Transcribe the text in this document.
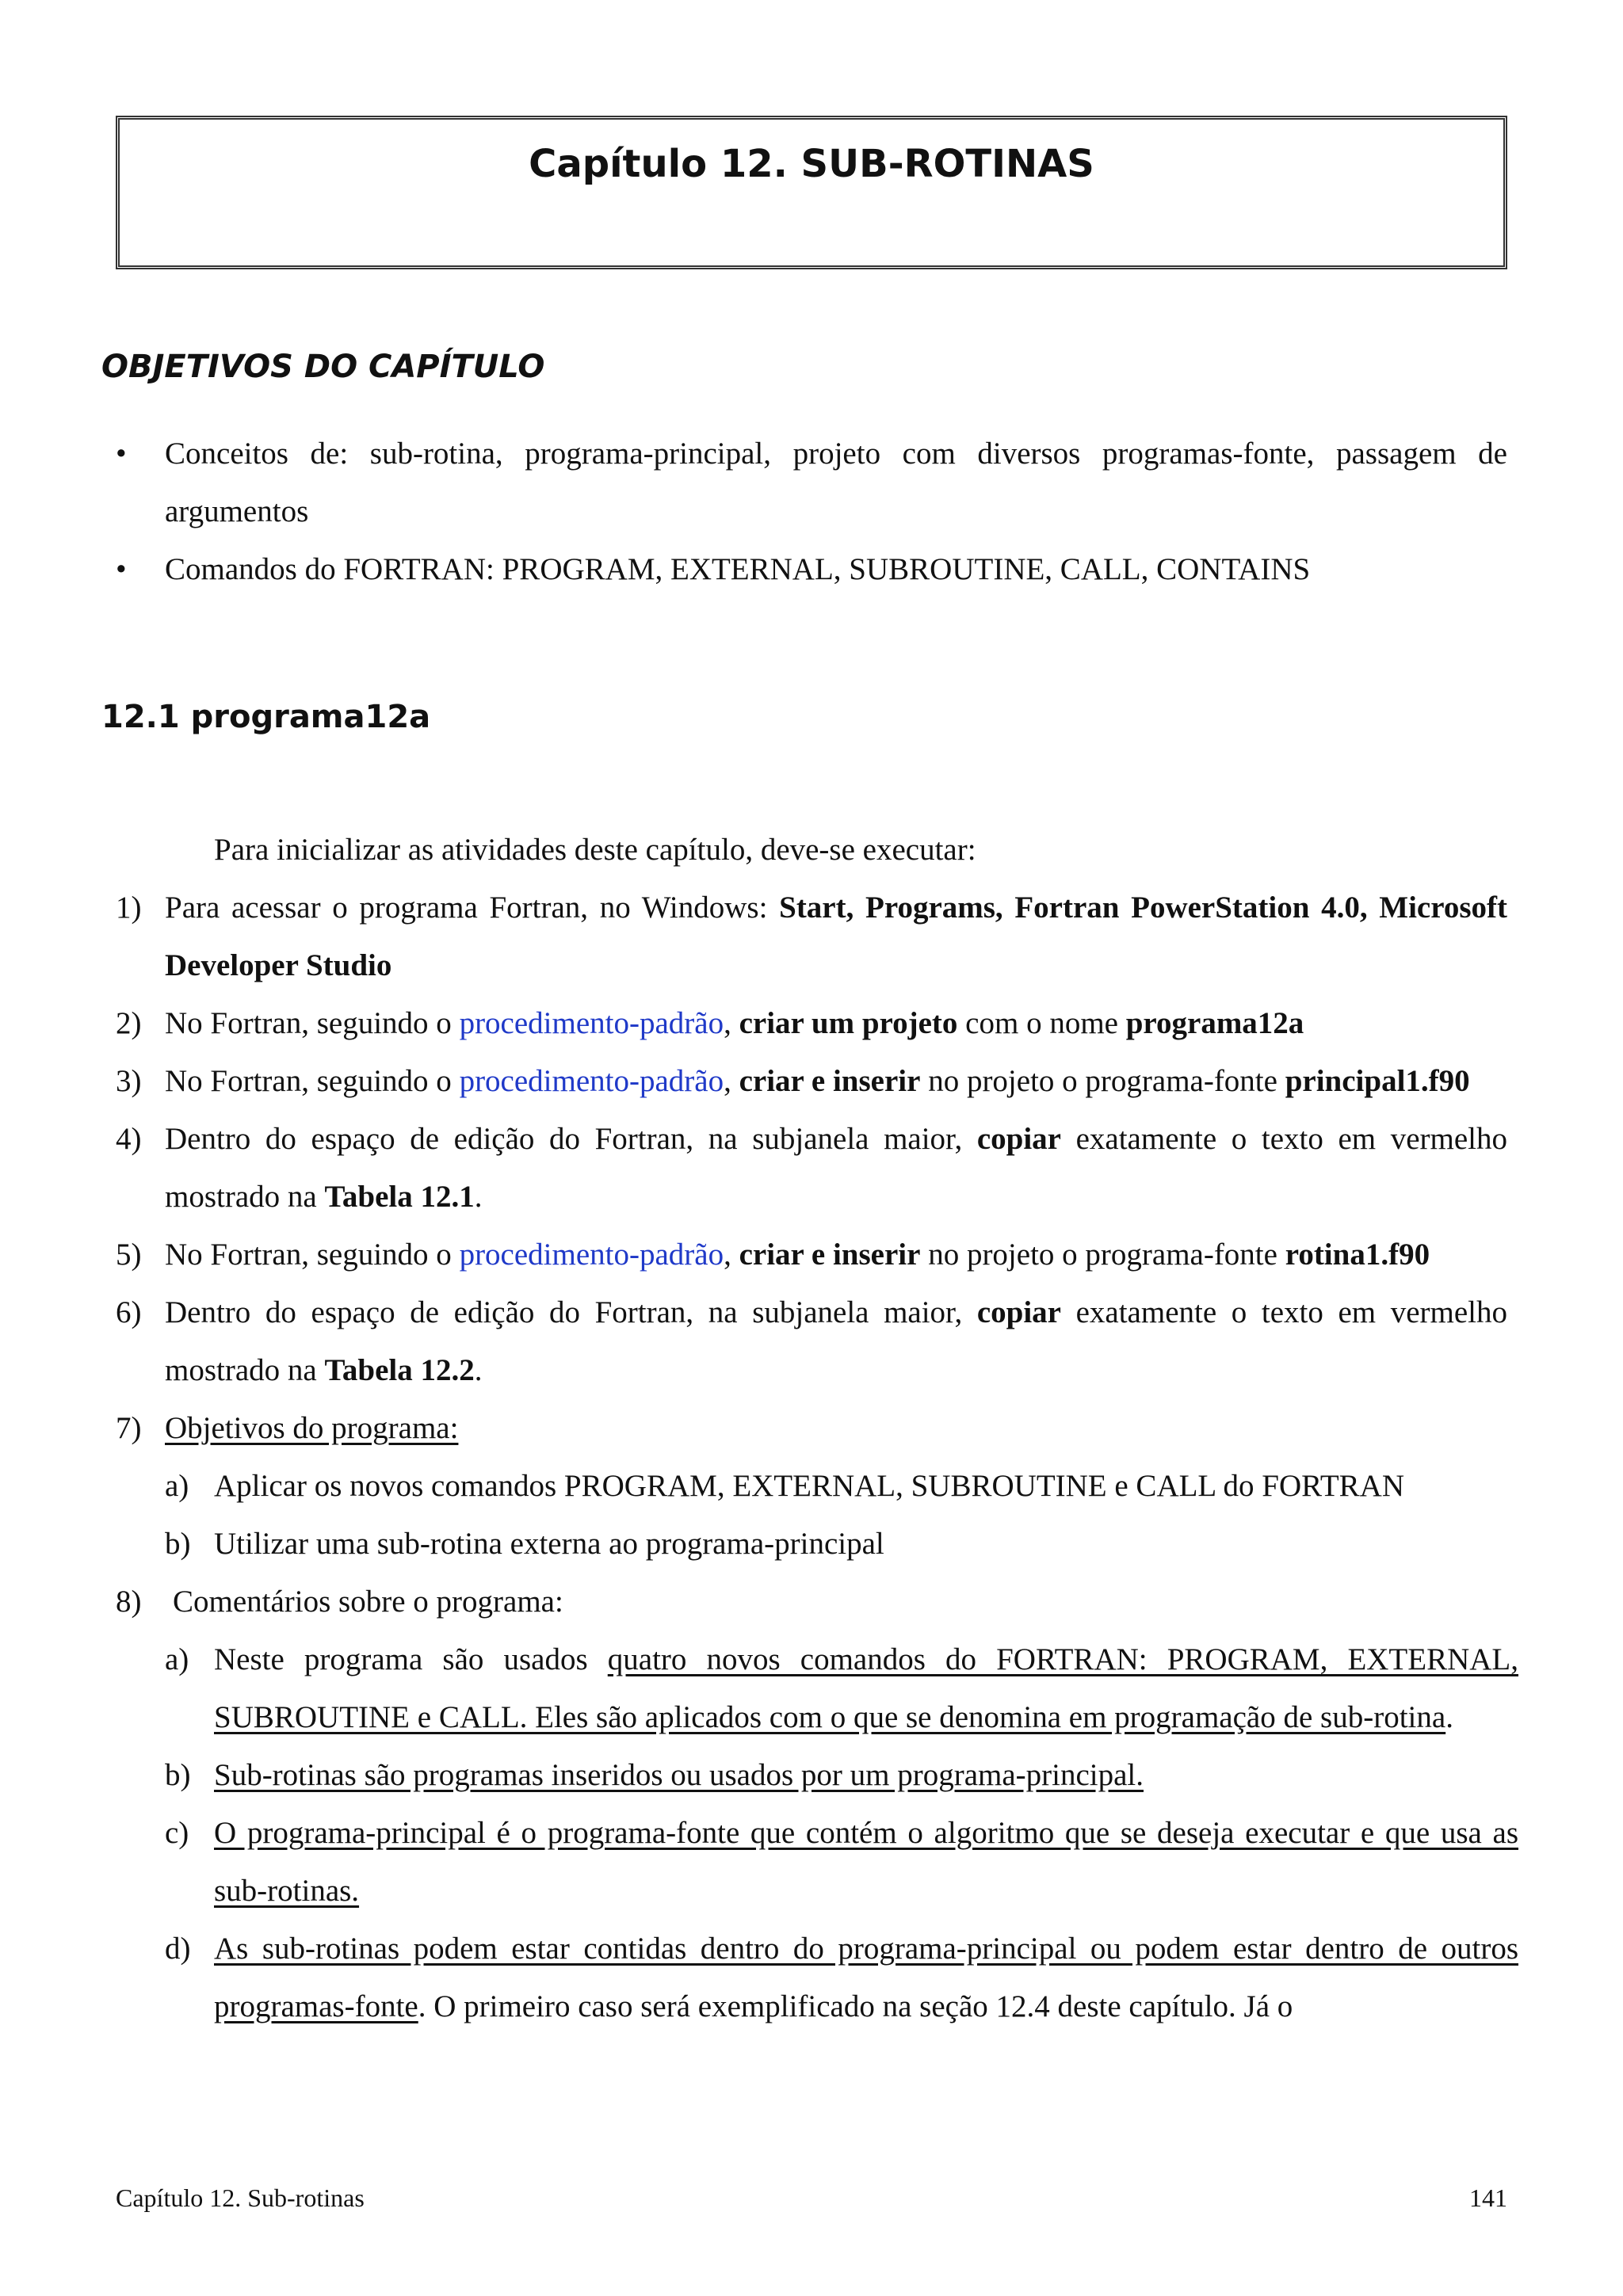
Capítulo 12. SUB-ROTINAS
OBJETIVOS DO CAPÍTULO
• Conceitos de: sub-rotina, programa-principal, projeto com diversos programas-fonte, passagem de argumentos
• Comandos do FORTRAN: PROGRAM, EXTERNAL, SUBROUTINE, CALL, CONTAINS
12.1 programa12a
Para inicializar as atividades deste capítulo, deve-se executar:
1) Para acessar o programa Fortran, no Windows: Start, Programs, Fortran PowerStation 4.0, Microsoft Developer Studio
2) No Fortran, seguindo o procedimento-padrão, criar um projeto com o nome programa12a
3) No Fortran, seguindo o procedimento-padrão, criar e inserir no projeto o programa-fonte principal1.f90
4) Dentro do espaço de edição do Fortran, na subjanela maior, copiar exatamente o texto em vermelho mostrado na Tabela 12.1.
5) No Fortran, seguindo o procedimento-padrão, criar e inserir no projeto o programa-fonte rotina1.f90
6) Dentro do espaço de edição do Fortran, na subjanela maior, copiar exatamente o texto em vermelho mostrado na Tabela 12.2.
7) Objetivos do programa:
a) Aplicar os novos comandos PROGRAM, EXTERNAL, SUBROUTINE e CALL do FORTRAN
b) Utilizar uma sub-rotina externa ao programa-principal
8) Comentários sobre o programa:
a) Neste programa são usados quatro novos comandos do FORTRAN: PROGRAM, EXTERNAL, SUBROUTINE e CALL. Eles são aplicados com o que se denomina em programação de sub-rotina.
b) Sub-rotinas são programas inseridos ou usados por um programa-principal.
c) O programa-principal é o programa-fonte que contém o algoritmo que se deseja executar e que usa as sub-rotinas.
d) As sub-rotinas podem estar contidas dentro do programa-principal ou podem estar dentro de outros programas-fonte. O primeiro caso será exemplificado na seção 12.4 deste capítulo. Já o
Capítulo 12. Sub-rotinas	141
